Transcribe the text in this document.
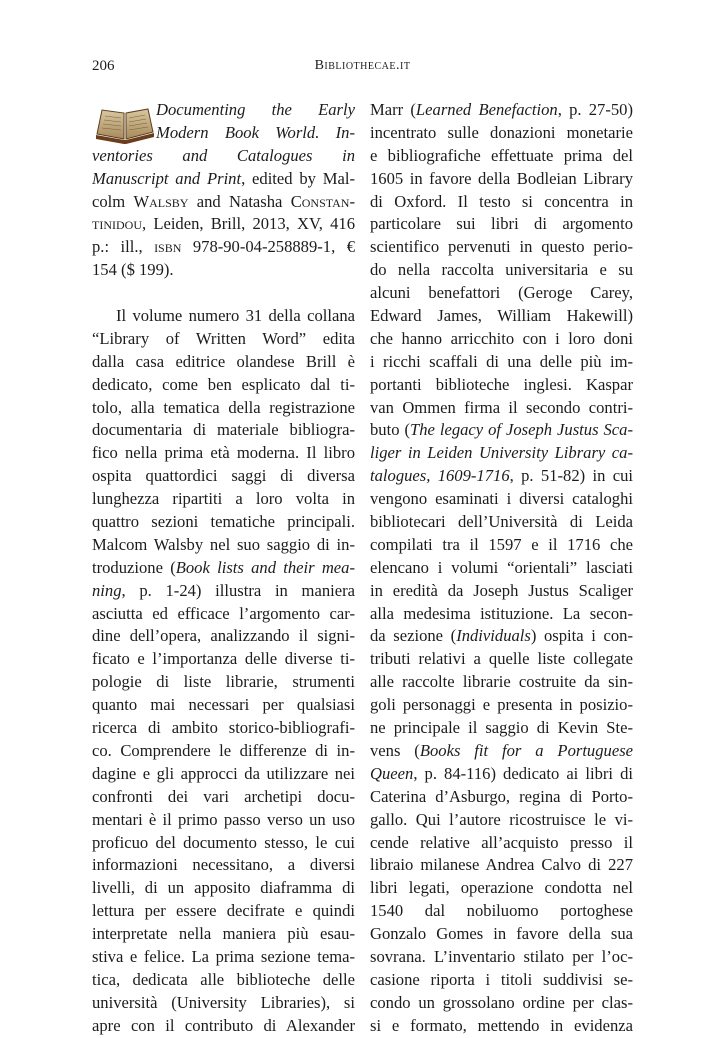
206	Bibliothecae.it
Documenting the Early
Modern Book World. In-
ventories and Catalogues in
Manuscript and Print, edited by Mal-
colm Walsby and Natasha Constan-
tinidou, Leiden, Brill, 2013, XV, 416
p.: ill., isbn 978-90-04-258889-1, €
154 ($ 199).
Il volume numero 31 della collana
“Library of Written Word” edita
dalla casa editrice olandese Brill è
dedicato, come ben esplicato dal ti-
tolo, alla tematica della registrazione
documentaria di materiale bibliogra-
fico nella prima età moderna. Il libro
ospita quattordici saggi di diversa
lunghezza ripartiti a loro volta in
quattro sezioni tematiche principali.
Malcom Walsby nel suo saggio di in-
troduzione (Book lists and their mea-
ning, p. 1-24) illustra in maniera
asciutta ed efficace l’argomento car-
dine dell’opera, analizzando il signi-
ficato e l’importanza delle diverse ti-
pologie di liste librarie, strumenti
quanto mai necessari per qualsiasi
ricerca di ambito storico-bibliografi-
co. Comprendere le differenze di in-
dagine e gli approcci da utilizzare nei
confronti dei vari archetipi docu-
mentari è il primo passo verso un uso
proficuo del documento stesso, le cui
informazioni necessitano, a diversi
livelli, di un apposito diaframma di
lettura per essere decifrate e quindi
interpretate nella maniera più esau-
stiva e felice. La prima sezione tema-
tica, dedicata alle biblioteche delle
università (University Libraries), si
apre con il contributo di Alexander
Marr (Learned Benefaction, p. 27-50)
incentrato sulle donazioni monetarie
e bibliografiche effettuate prima del
1605 in favore della Bodleian Library
di Oxford. Il testo si concentra in
particolare sui libri di argomento
scientifico pervenuti in questo perio-
do nella raccolta universitaria e su
alcuni benefattori (Geroge Carey,
Edward James, William Hakewill)
che hanno arricchito con i loro doni
i ricchi scaffali di una delle più im-
portanti biblioteche inglesi. Kaspar
van Ommen firma il secondo contri-
buto (The legacy of Joseph Justus Sca-
liger in Leiden University Library ca-
talogues, 1609-1716, p. 51-82) in cui
vengono esaminati i diversi cataloghi
bibliotecari dell’Università di Leida
compilati tra il 1597 e il 1716 che
elencano i volumi “orientali” lasciati
in eredità da Joseph Justus Scaliger
alla medesima istituzione. La secon-
da sezione (Individuals) ospita i con-
tributi relativi a quelle liste collegate
alle raccolte librarie costruite da sin-
goli personaggi e presenta in posizio-
ne principale il saggio di Kevin Ste-
vens (Books fit for a Portuguese
Queen, p. 84-116) dedicato ai libri di
Caterina d’Asburgo, regina di Porto-
gallo. Qui l’autore ricostruisce le vi-
cende relative all’acquisto presso il
libraio milanese Andrea Calvo di 227
libri legati, operazione condotta nel
1540 dal nobiluomo portoghese
Gonzalo Gomes in favore della sua
sovrana. L’inventario stilato per l’oc-
casione riporta i titoli suddivisi se-
condo un grossolano ordine per clas-
si e formato, mettendo in evidenza
